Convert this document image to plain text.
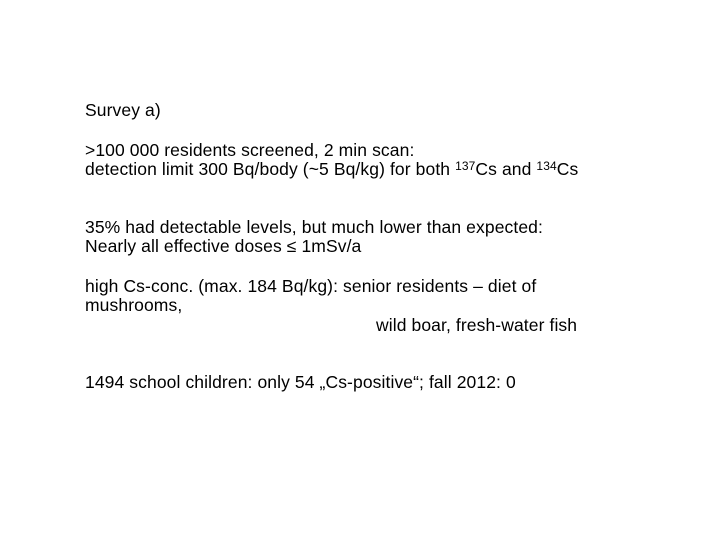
Survey a)
>100 000 residents screened, 2 min scan:
detection limit 300 Bq/body (~5 Bq/kg) for both $^{137}$Cs and $^{134}$Cs
35% had detectable levels, but much lower than expected:
Nearly all effective doses ≤ 1mSv/a
high Cs-conc. (max. 184 Bq/kg): senior residents – diet of
mushrooms,
wild boar, fresh-water fish
1494 school children: only 54 „Cs-positive“; fall 2012: 0
